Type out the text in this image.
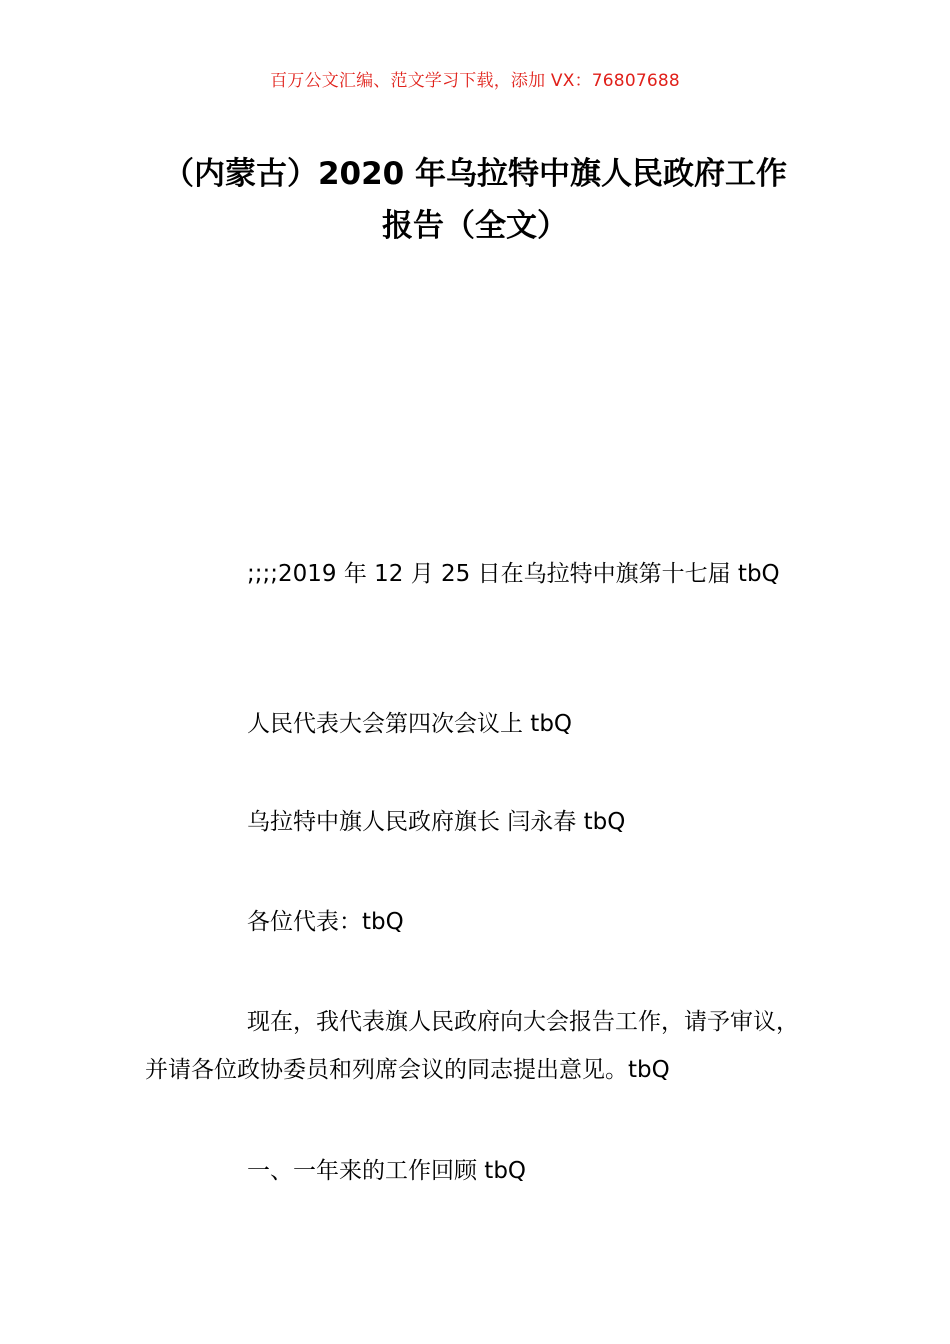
百万公文汇编、范文学习下载，添加 VX：76807688
（内蒙古）2020 年乌拉特中旗人民政府工作报告（全文）

;;;;2019 年 12 月 25 日在乌拉特中旗第十七届 tbQ

人民代表大会第四次会议上 tbQ

乌拉特中旗人民政府旗长 闫永春 tbQ

各位代表：tbQ

现在，我代表旗人民政府向大会报告工作，请予审议，并请各位政协委员和列席会议的同志提出意见。tbQ

一、一年来的工作回顾 tbQ
